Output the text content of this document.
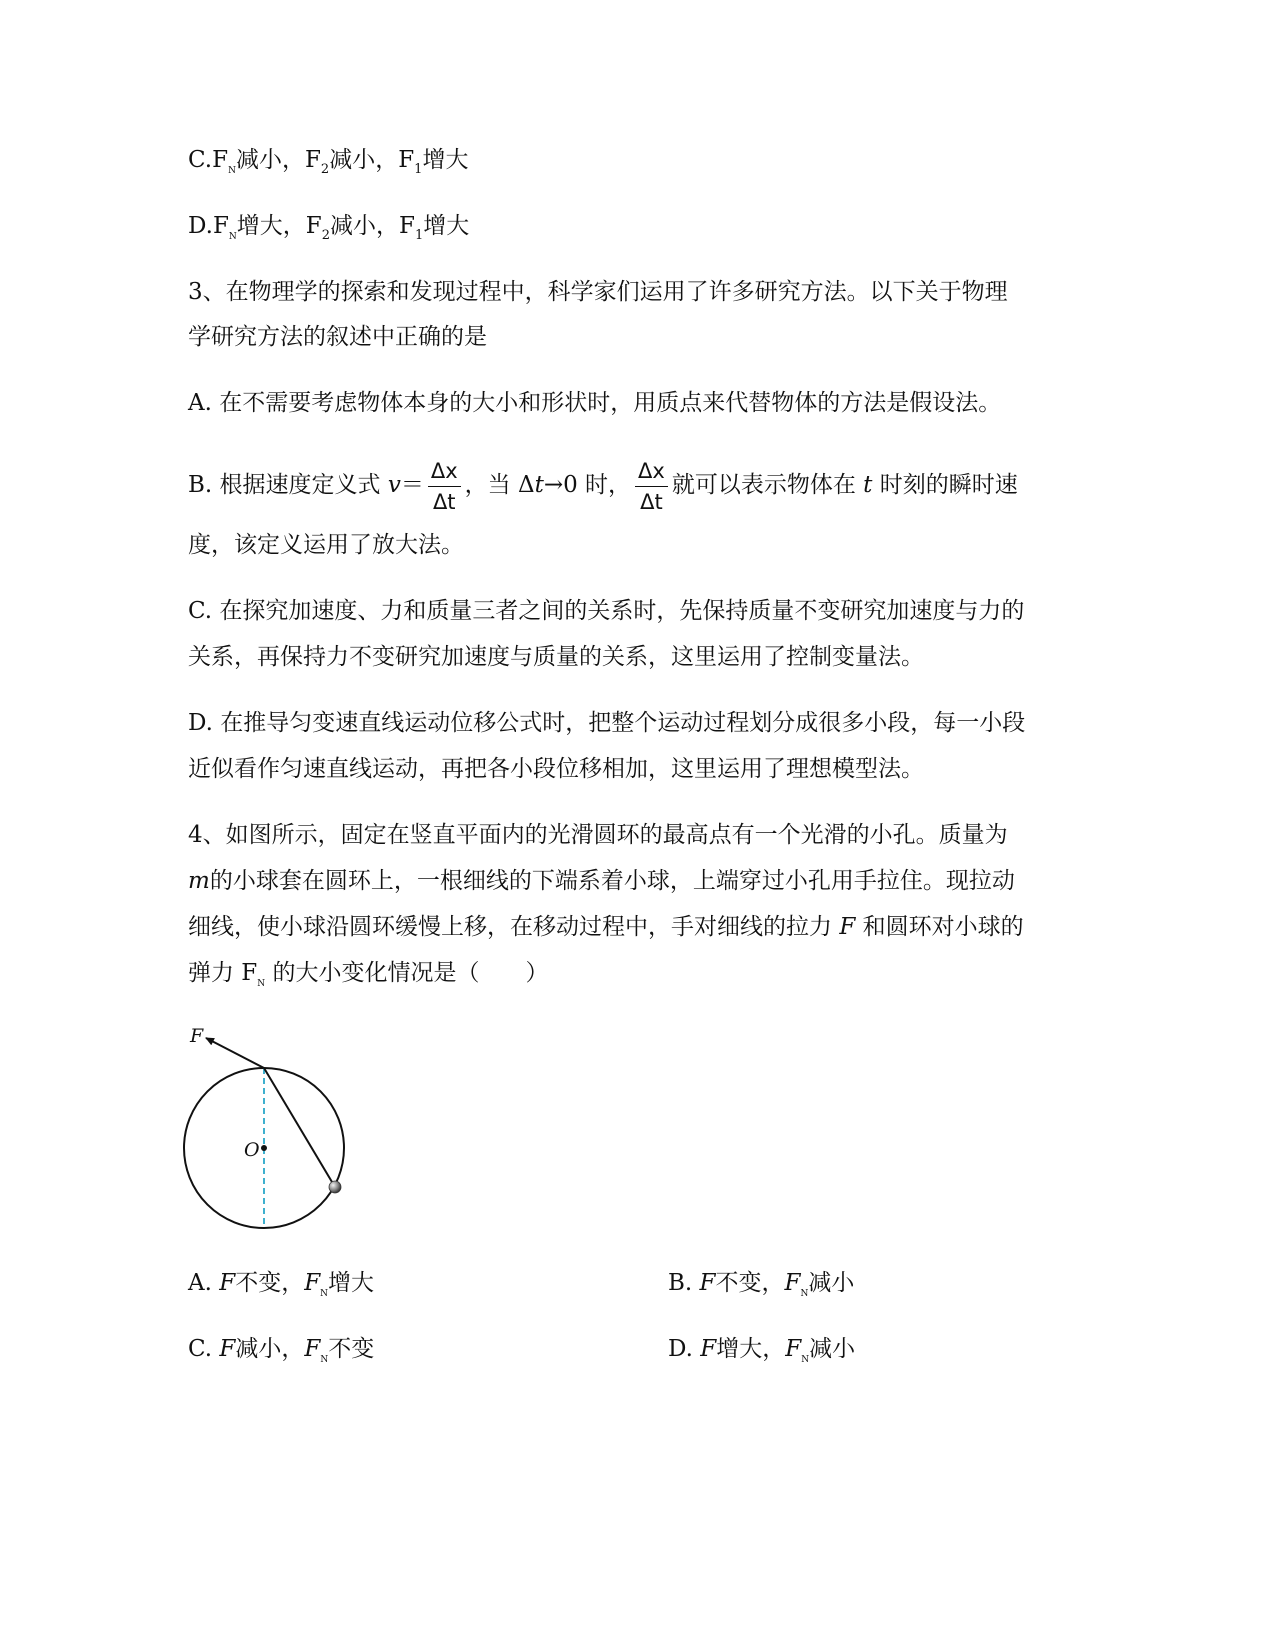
$C.F_N$减小，$F_2$减小，$F_1$增大
$D.F_N$增大，$F_2$减小，$F_1$增大
3、在物理学的探索和发现过程中，科学家们运用了许多研究方法。以下关于物理
学研究方法的叙述中正确的是
A. 在不需要考虑物体本身的大小和形状时，用质点来代替物体的方法是假设法。
B. 根据速度定义式 $v= \frac{\Delta x}{\Delta t}$ ，当 Δt→0 时， $\frac{\Delta x}{\Delta t}$ 就可以表示物体在 t 时刻的瞬时速
度，该定义运用了放大法。
C. 在探究加速度、力和质量三者之间的关系时，先保持质量不变研究加速度与力的
关系，再保持力不变研究加速度与质量的关系，这里运用了控制变量法。
D. 在推导匀变速直线运动位移公式时，把整个运动过程划分成很多小段，每一小段
近似看作匀速直线运动，再把各小段位移相加，这里运用了理想模型法。
4、如图所示，固定在竖直平面内的光滑圆环的最高点有一个光滑的小孔。质量为
m的小球套在圆环上，一根细线的下端系着小球，上端穿过小孔用手拉住。现拉动
细线，使小球沿圆环缓慢上移，在移动过程中，手对细线的拉力 F 和圆环对小球的
弹力 $F_N$ 的大小变化情况是（　　）
F
O
A. F不变，$F_N$增大	B. F不变，$F_N$减小
C. F减小，$F_N$不变	D. F增大，$F_N$减小
